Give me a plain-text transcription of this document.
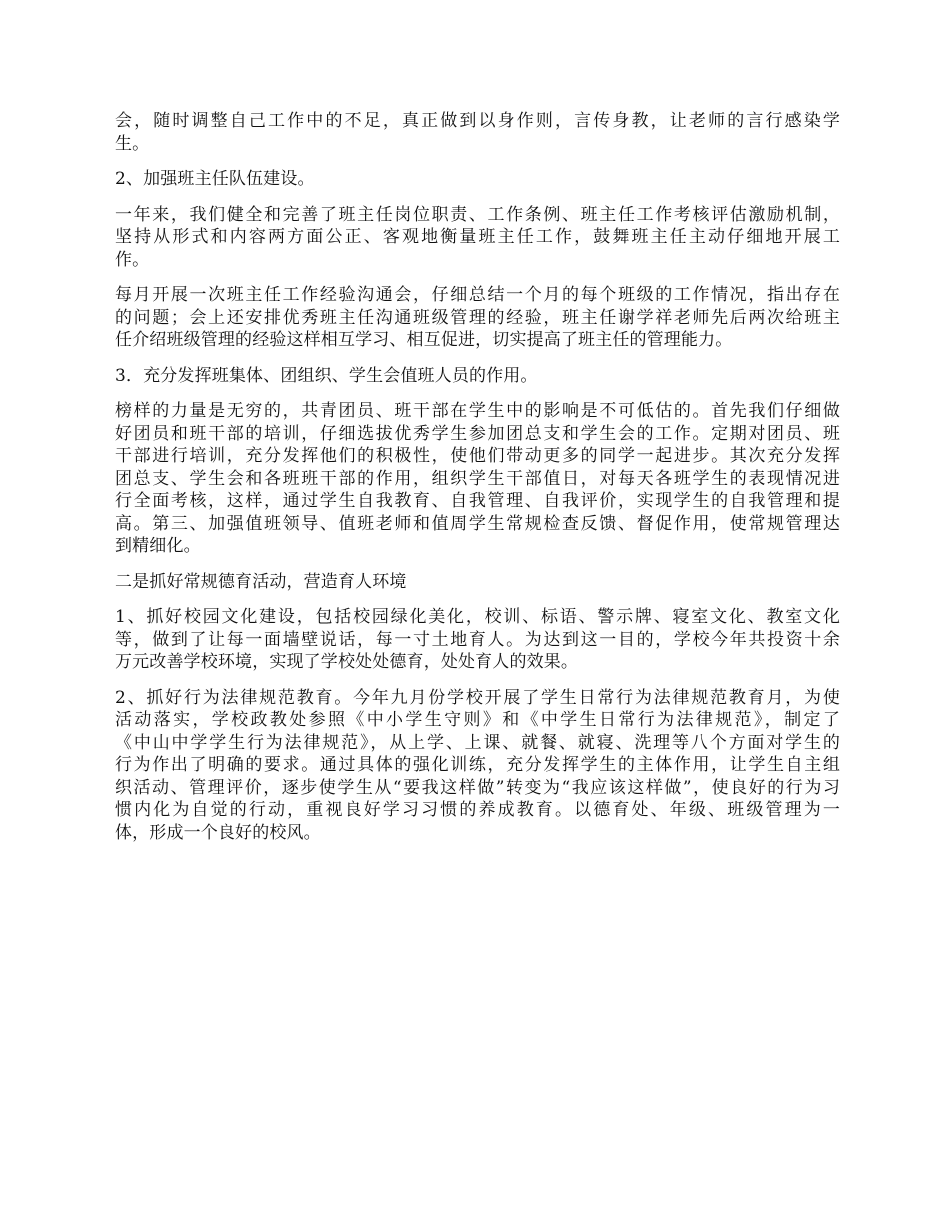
会，随时调整自己工作中的不足，真正做到以身作则，言传身教，让老师的言行感染学
生。

2、加强班主任队伍建设。

一年来，我们健全和完善了班主任岗位职责、工作条例、班主任工作考核评估激励机制，
坚持从形式和内容两方面公正、客观地衡量班主任工作，鼓舞班主任主动仔细地开展工
作。

每月开展一次班主任工作经验沟通会，仔细总结一个月的每个班级的工作情况，指出存在
的问题；会上还安排优秀班主任沟通班级管理的经验，班主任谢学祥老师先后两次给班主
任介绍班级管理的经验这样相互学习、相互促进，切实提高了班主任的管理能力。

3．充分发挥班集体、团组织、学生会值班人员的作用。

榜样的力量是无穷的，共青团员、班干部在学生中的影响是不可低估的。首先我们仔细做
好团员和班干部的培训，仔细选拔优秀学生参加团总支和学生会的工作。定期对团员、班
干部进行培训，充分发挥他们的积极性，使他们带动更多的同学一起进步。其次充分发挥
团总支、学生会和各班班干部的作用，组织学生干部值日，对每天各班学生的表现情况进
行全面考核，这样，通过学生自我教育、自我管理、自我评价，实现学生的自我管理和提
高。第三、加强值班领导、值班老师和值周学生常规检查反馈、督促作用，使常规管理达
到精细化。

二是抓好常规德育活动，营造育人环境

1、抓好校园文化建设，包括校园绿化美化，校训、标语、警示牌、寝室文化、教室文化
等，做到了让每一面墙壁说话，每一寸土地育人。为达到这一目的，学校今年共投资十余
万元改善学校环境，实现了学校处处德育，处处育人的效果。

2、抓好行为法律规范教育。今年九月份学校开展了学生日常行为法律规范教育月，为使
活动落实，学校政教处参照《中小学生守则》和《中学生日常行为法律规范》，制定了
《中山中学学生行为法律规范》，从上学、上课、就餐、就寝、洗理等八个方面对学生的
行为作出了明确的要求。通过具体的强化训练，充分发挥学生的主体作用，让学生自主组
织活动、管理评价，逐步使学生从“要我这样做”转变为“我应该这样做”，使良好的行为习
惯内化为自觉的行动，重视良好学习习惯的养成教育。以德育处、年级、班级管理为一
体，形成一个良好的校风。
